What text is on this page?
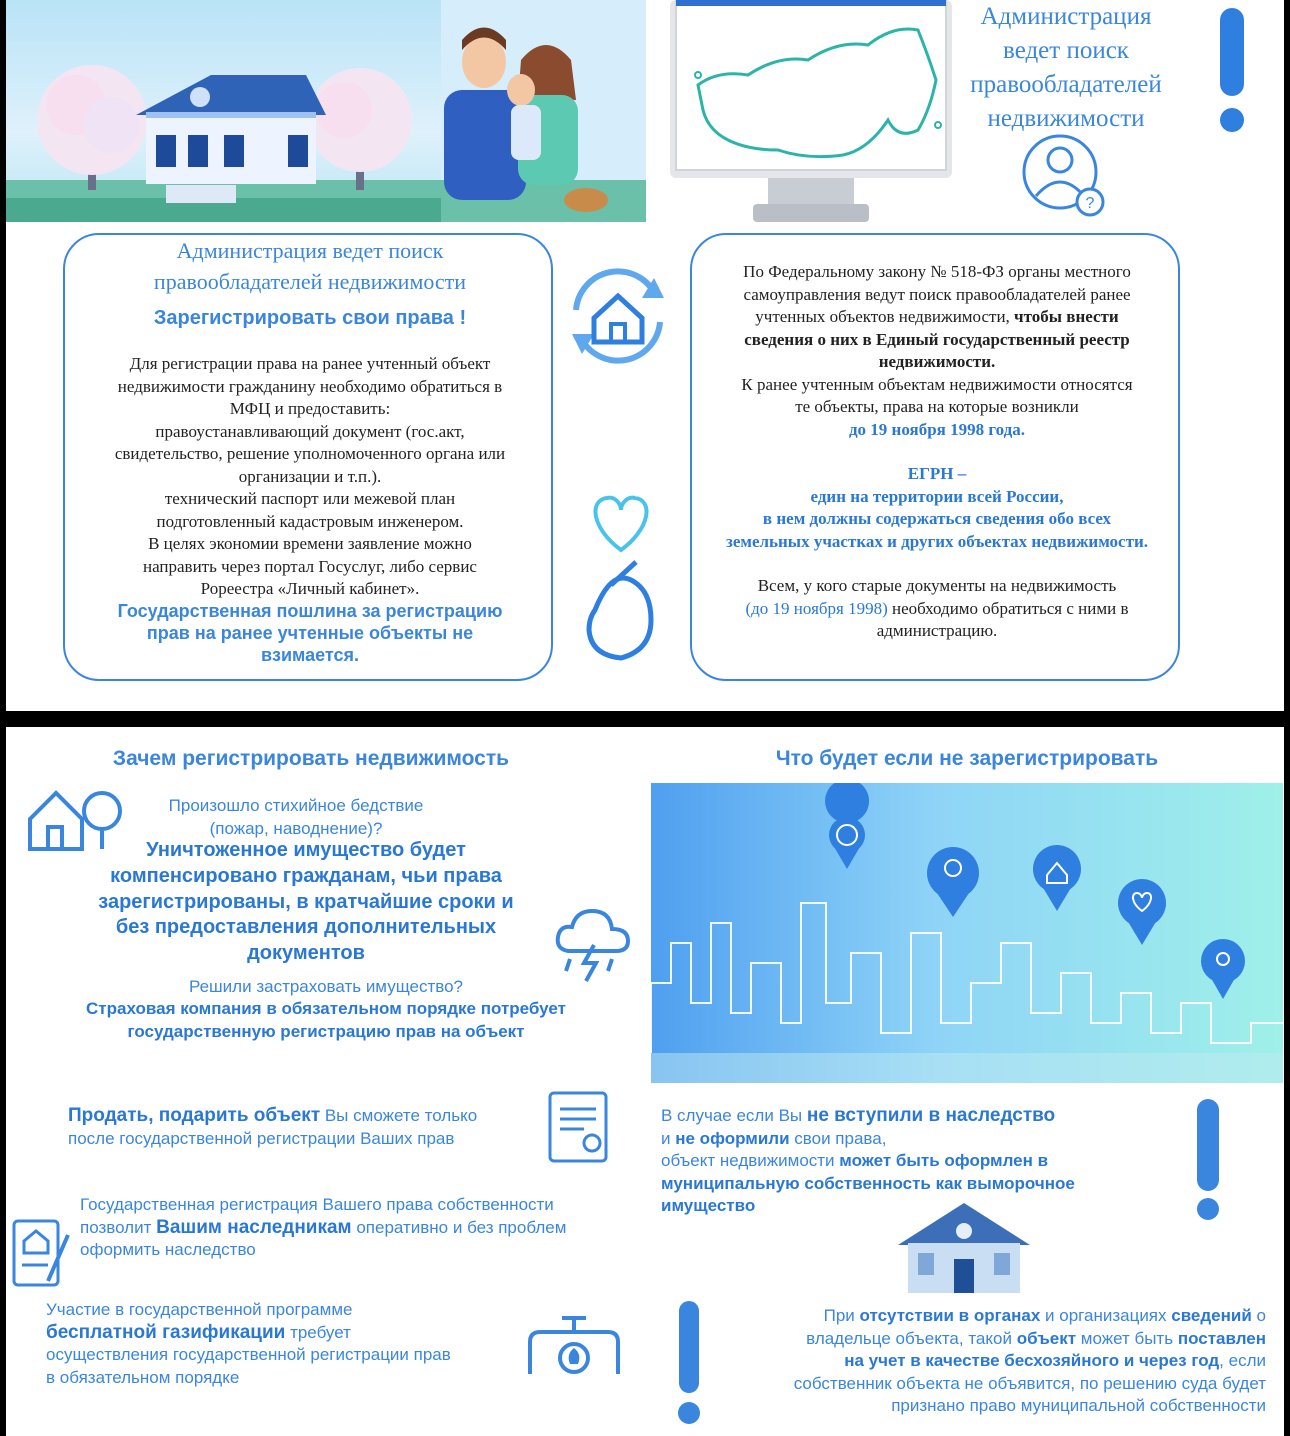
Администрация
ведет поиск
правообладателей
недвижимости
?
Администрация ведет поиск
правообладателей недвижимости
Зарегистрировать свои права !
Для регистрации права на ранее учтенный объект
недвижимости гражданину необходимо обратиться в
МФЦ и предоставить:
правоустанавливающий документ (гос.акт,
свидетельство, решение уполномоченного органа или
организации и т.п.).
технический паспорт или межевой план
подготовленный кадастровым инженером.
В целях экономии времени заявление можно
направить через портал Госуслуг, либо сервис
Роpеестра «Личный кабинет».
Государственная пошлина за регистрацию
прав на ранее учтенные объекты не
взимается.
По Федеральному закону № 518-ФЗ органы местного
самоуправления ведут поиск правообладателей ранее
учтенных объектов недвижимости, чтобы внести
сведения о них в Единый государственный реестр
недвижимости.
К ранее учтенным объектам недвижимости относятся
те объекты, права на которые возникли
до 19 ноября 1998 года.
ЕГРН –
един на территории всей России,
в нем должны содержаться сведения обо всех
земельных участках и других объектах недвижимости.
Всем, у кого старые документы на недвижимость
(до 19 ноября 1998) необходимо обратиться с ними в
администрацию.
Зачем регистрировать недвижимость	Что будет если не зарегистрировать
Произошло стихийное бедствие
(пожар, наводнение)?
Уничтоженное имущество будет
компенсировано гражданам, чьи права
зарегистрированы, в кратчайшие сроки и
без предоставления дополнительных
документов
Решили застраховать имущество?
Страховая компания в обязательном порядке потребует
государственную регистрацию прав на объект
Продать, подарить объект Вы сможете только
после государственной регистрации Ваших прав
Государственная регистрация Вашего права собственности
позволит Вашим наследникам оперативно и без проблем
оформить наследство
Участие в государственной программе
бесплатной газификации требует
осуществления государственной регистрации прав
в обязательном порядке
В случае если Вы не вступили в наследство
и не оформили свои права,
объект недвижимости может быть оформлен в
муниципальную собственность как выморочное
имущество
При отсутствии в органах и организациях сведений о
владельце объекта, такой объект может быть поставлен
на учет в качестве бесхозяйного и через год, если
собственник объекта не объявится, по решению суда будет
признано право муниципальной собственности
